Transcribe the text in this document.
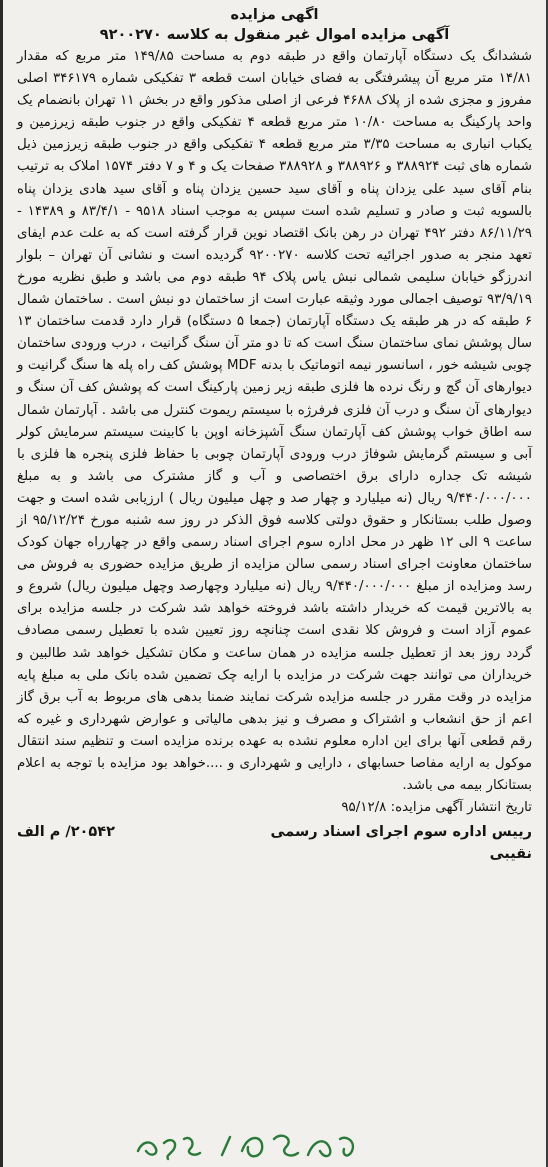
اگهی مزایده

آگهی مزایده اموال غیر منقول به کلاسه ۹۲۰۰۲۷۰

ششدانگ یک دستگاه آپارتمان واقع در طبقه دوم به مساحت ۱۴۹/۸۵ متر مربع که مقدار ۱۴/۸۱ متر مربع آن پیشرفتگی به فضای خیابان است قطعه ۳ تفکیکی شماره ۳۴۶۱۷۹ اصلی مفروز و مجزی شده از پلاک ۴۶۸۸ فرعی از اصلی مذکور واقع در بخش ۱۱ تهران بانضمام یک واحد پارکینگ به مساحت ۱۰/۸۰ متر مربع قطعه ۴ تفکیکی واقع در جنوب طبقه زیرزمین و یکباب انباری به مساحت ۳/۳۵ متر مربع قطعه ۴ تفکیکی واقع در جنوب طبقه زیرزمین ذیل شماره های ثبت ۳۸۸۹۲۴ و ۳۸۸۹۲۶ و ۳۸۸۹۲۸ صفحات یک و ۴ و ۷ دفتر ۱۵۷۴ املاک به ترتیب بنام آقای سید علی یزدان پناه و آقای سید حسین یزدان پناه و آقای سید هادی یزدان پناه بالسویه ثبت و صادر و تسلیم شده است سپس به موجب اسناد ۹۵۱۸ - ۸۳/۴/۱ و ۱۴۳۸۹ - ۸۶/۱۱/۲۹ دفتر ۴۹۲ تهران در رهن بانک اقتصاد نوین قرار گرفته است که به علت عدم ایفای تعهد منجر به صدور اجرائیه تحت کلاسه ۹۲۰۰۲۷۰ گردیده است و نشانی آن تهران – بلوار اندرزگو خیابان سلیمی شمالی نبش یاس پلاک ۹۴ طبقه دوم می باشد و طبق نظریه مورخ ۹۳/۹/۱۹ توصیف اجمالی مورد وثیقه عبارت است از ساختمان دو نبش است . ساختمان شمال ۶ طبقه که در هر طبقه یک دستگاه آپارتمان (جمعا ۵ دستگاه) قرار دارد قدمت ساختمان ۱۳ سال پوشش نمای ساختمان سنگ است که تا دو متر آن سنگ گرانیت ، درب ورودی ساختمان چوبی شیشه خور ، اسانسور نیمه اتوماتیک با بدنه MDF پوشش کف راه پله ها سنگ گرانیت و دیوارهای آن گچ و رنگ نرده ها فلزی طبقه زیر زمین پارکینگ است که پوشش کف آن سنگ و دیوارهای آن سنگ و درب آن فلزی فرفرژه با سیستم ریموت کنترل می باشد . آپارتمان شمال سه اطاق خواب پوشش کف آپارتمان سنگ آشپزخانه اوپن با کابینت سیستم سرمایش کولر آبی و سیستم گرمایش شوفاژ درب ورودی آپارتمان چوبی با حفاظ فلزی پنجره ها فلزی با شیشه تک جداره دارای برق اختصاصی و آب و گاز مشترک می باشد و به مبلغ ۹/۴۴۰/۰۰۰/۰۰۰ ریال (نه میلیارد و چهار صد و چهل میلیون ریال ) ارزیابی شده است و جهت وصول طلب بستانکار و حقوق دولتی کلاسه فوق الذکر در روز سه شنبه مورخ ۹۵/۱۲/۲۴ از ساعت ۹ الی ۱۲ ظهر در محل اداره سوم اجرای اسناد رسمی واقع در چهارراه جهان کودک ساختمان معاونت اجرای اسناد رسمی سالن مزایده از طریق مزایده حضوری به فروش می رسد ومزایده از مبلغ ۹/۴۴۰/۰۰۰/۰۰۰ ریال (نه میلیارد وچهارصد وچهل میلیون ریال) شروع و به بالاترین قیمت که خریدار داشته باشد فروخته خواهد شد شرکت در جلسه مزایده برای عموم آزاد است و فروش کلا نقدی است چنانچه روز تعیین شده با تعطیل رسمی مصادف گردد روز بعد از تعطیل جلسه مزایده در همان ساعت و مکان تشکیل خواهد شد طالبین و خریداران می توانند جهت شرکت در مزایده با ارایه چک تضمین شده بانک ملی به مبلغ پایه مزایده در وقت مقرر در جلسه مزایده شرکت نمایند ضمنا بدهی های مربوط به آب برق گاز اعم از حق انشعاب و اشتراک و مصرف و نیز بدهی مالیاتی و عوارض شهرداری و غیره که رقم قطعی آنها برای این اداره معلوم نشده به عهده برنده مزایده است و تنظیم سند انتقال موکول به ارایه مفاصا حسابهای ، دارایی و شهرداری و ....خواهد بود مزایده با توجه به اعلام بستانکار بیمه می باشد.

تاریخ انتشار آگهی مزایده: ۹۵/۱۲/۸

رییس اداره سوم اجرای اسناد رسمی
۲۰۵۴۲/ م الف

نقیبی
